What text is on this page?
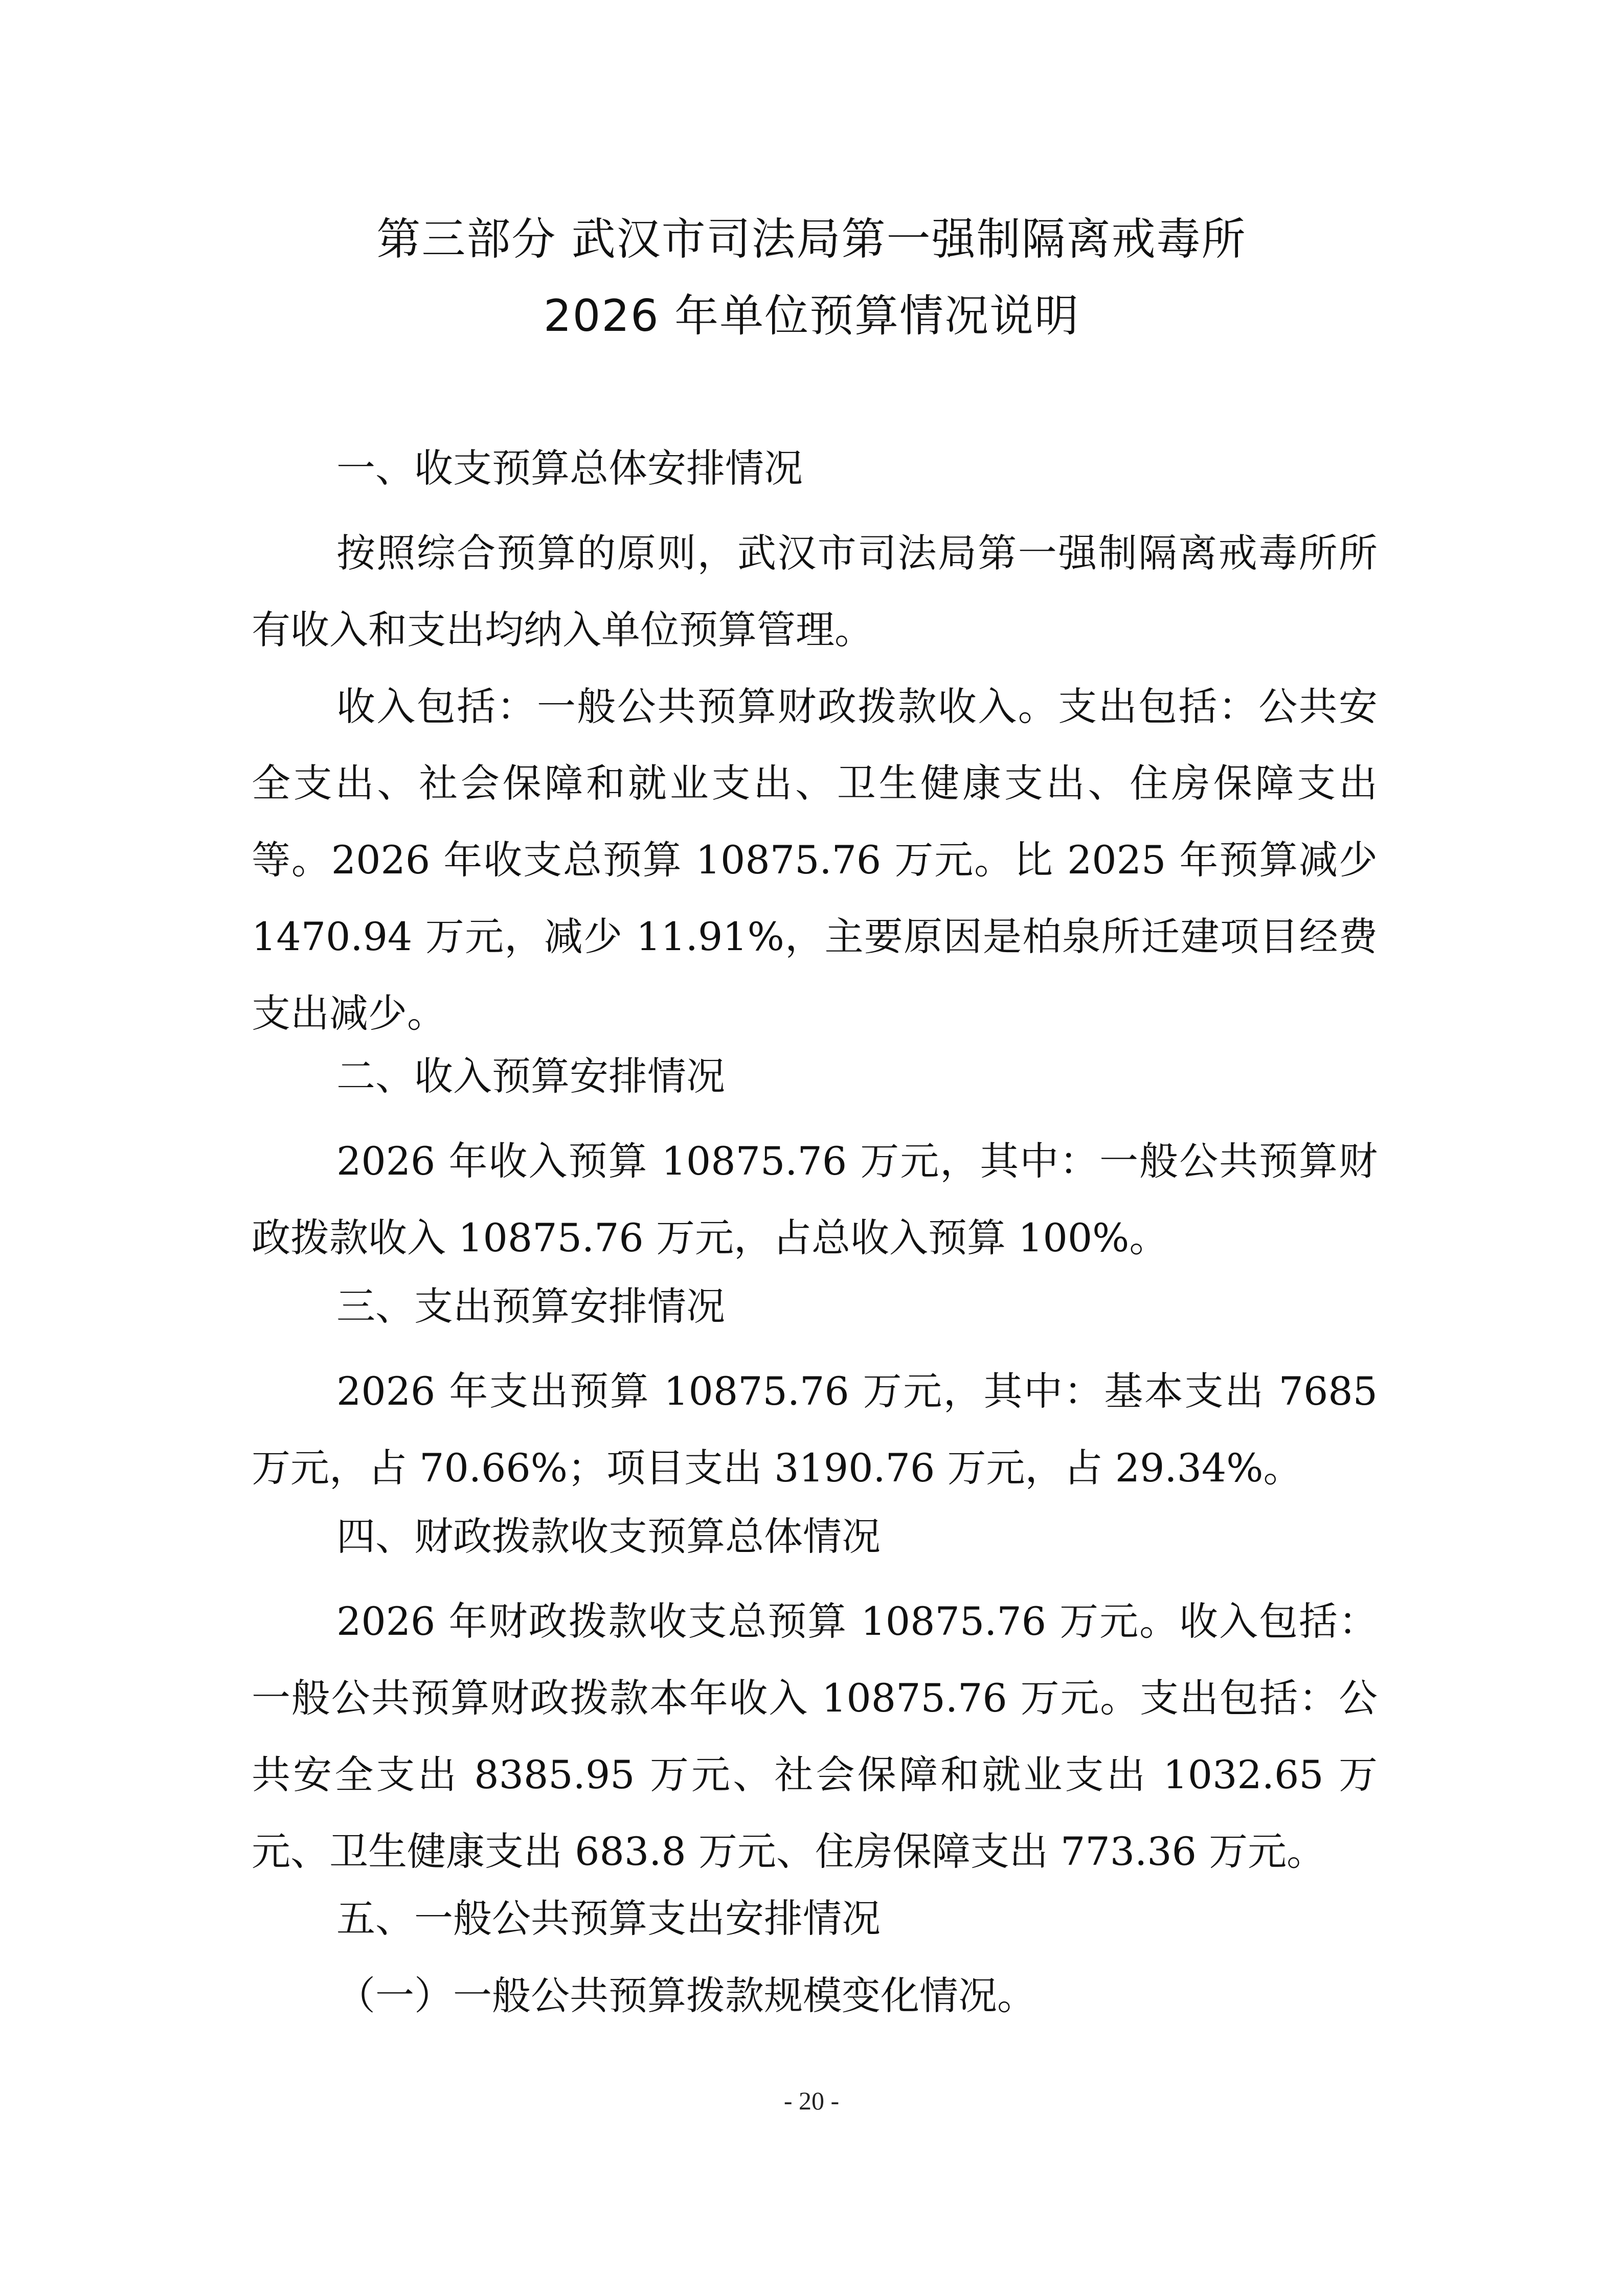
第三部分 武汉市司法局第一强制隔离戒毒所
2026 年单位预算情况说明
一、收支预算总体安排情况
按照综合预算的原则，武汉市司法局第一强制隔离戒毒所所有收入和支出均纳入单位预算管理。
收入包括：一般公共预算财政拨款收入。支出包括：公共安全支出、社会保障和就业支出、卫生健康支出、住房保障支出等。2026 年收支总预算 10875.76 万元。比 2025 年预算减少 1470.94 万元，减少 11.91%，主要原因是柏泉所迁建项目经费支出减少。
二、收入预算安排情况
2026 年收入预算 10875.76 万元，其中：一般公共预算财政拨款收入 10875.76 万元，占总收入预算 100%。
三、支出预算安排情况
2026 年支出预算 10875.76 万元，其中：基本支出 7685 万元，占 70.66%；项目支出 3190.76 万元，占 29.34%。
四、财政拨款收支预算总体情况
2026 年财政拨款收支总预算 10875.76 万元。收入包括：一般公共预算财政拨款本年收入 10875.76 万元。支出包括：公共安全支出 8385.95 万元、社会保障和就业支出 1032.65 万元、卫生健康支出 683.8 万元、住房保障支出 773.36 万元。
五、一般公共预算支出安排情况
（一）一般公共预算拨款规模变化情况。
- 20 -
